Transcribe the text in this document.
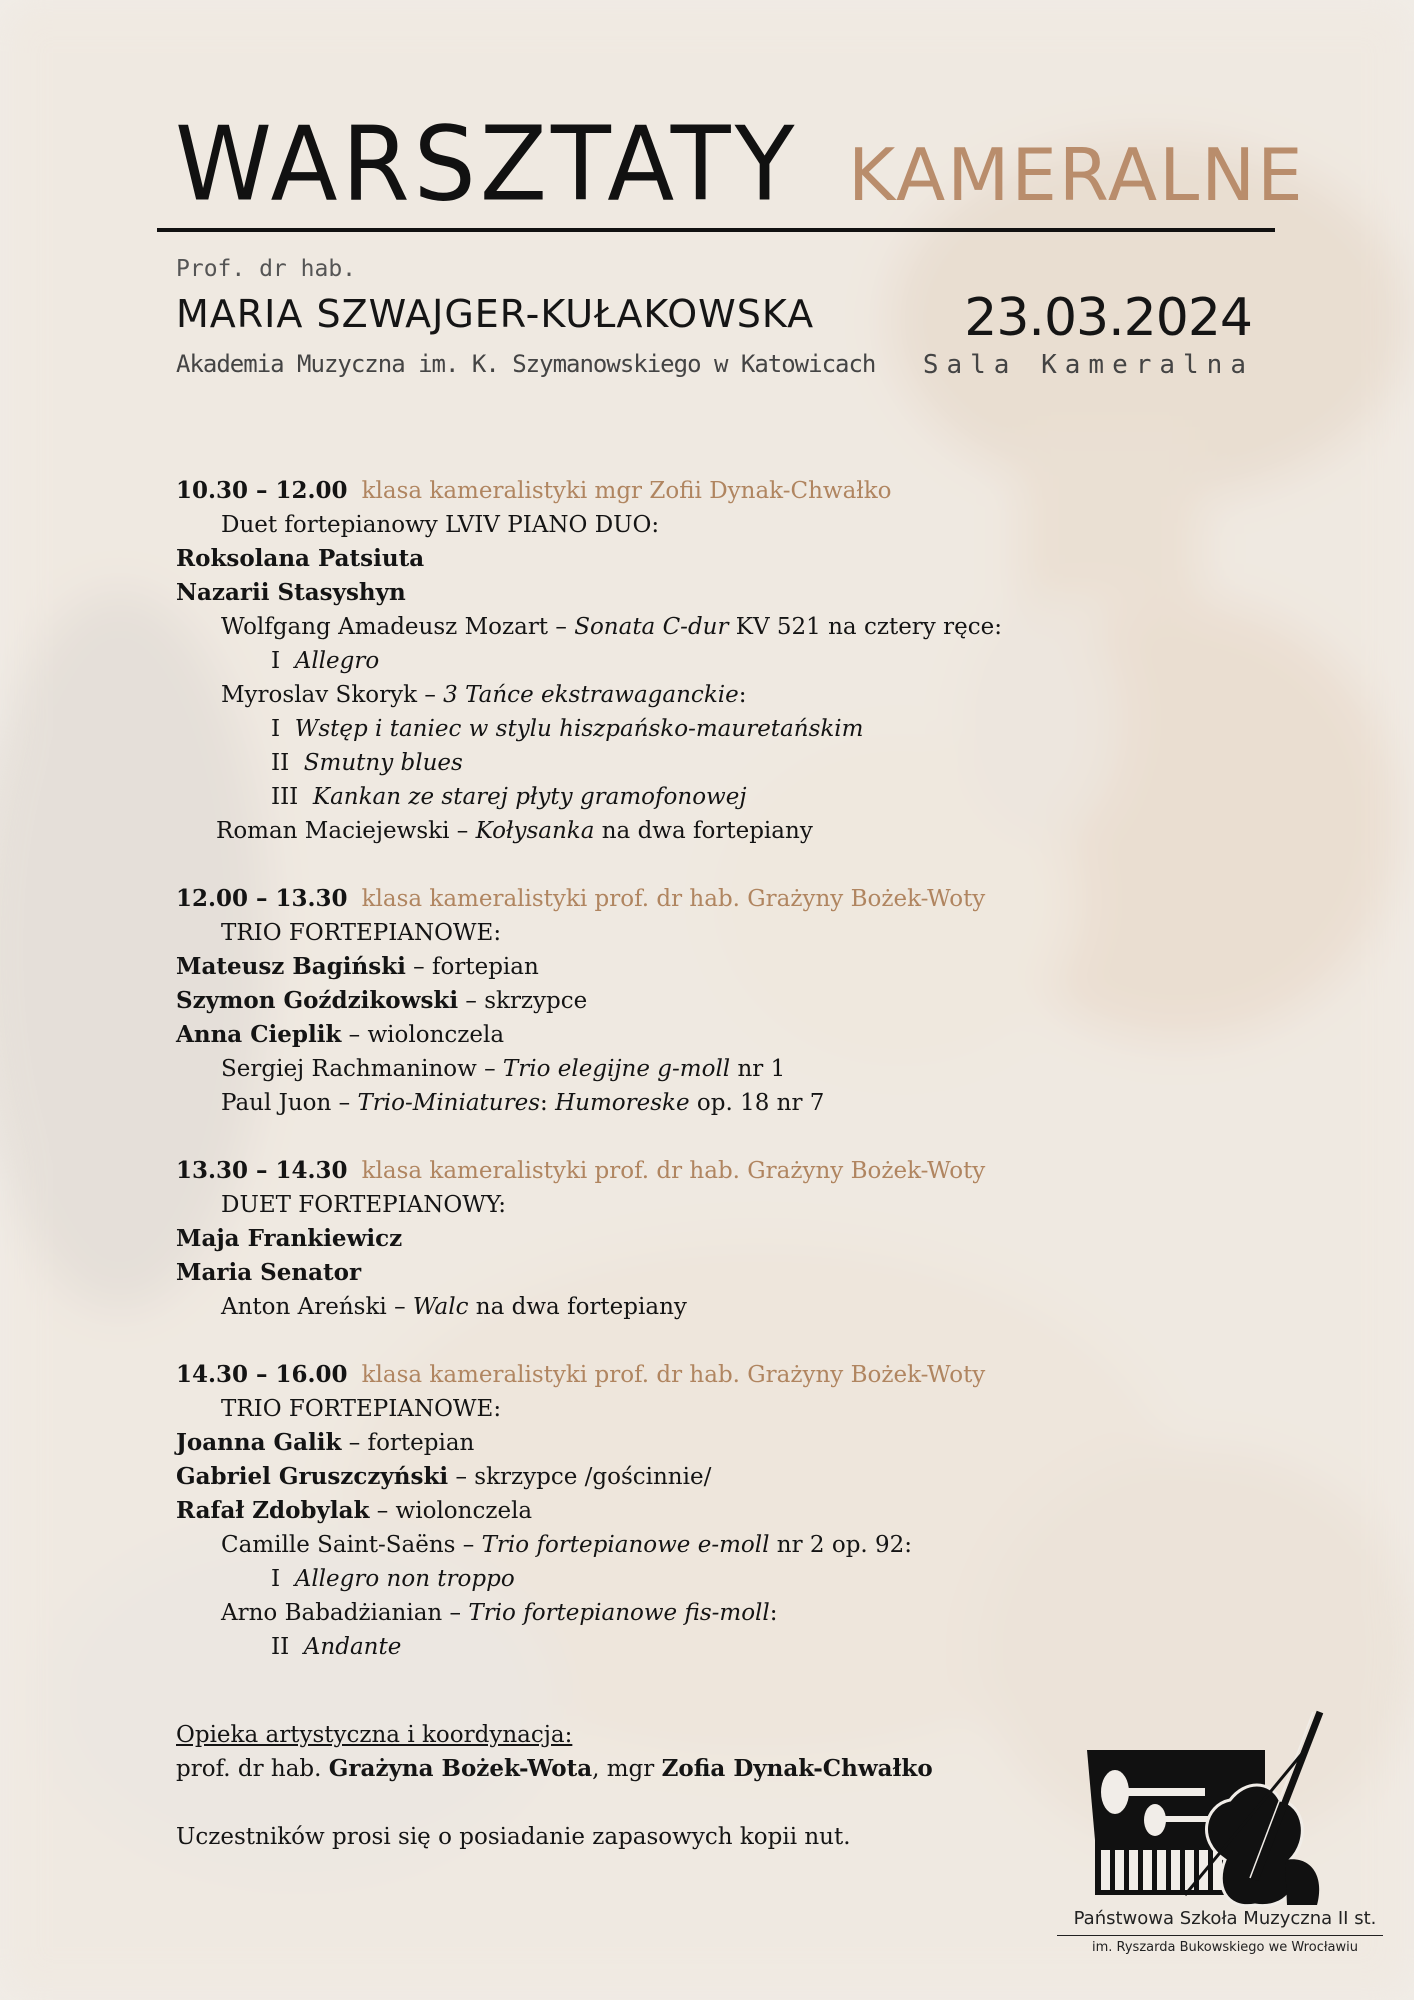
WARSZTATY KAMERALNE
Prof. dr hab.
MARIA SZWAJGER-KUŁAKOWSKA
Akademia Muzyczna im. K. Szymanowskiego w Katowicach
23.03.2024
Sala Kameralna
10.30 – 12.00 klasa kameralistyki mgr Zofii Dynak-Chwałko
Duet fortepianowy LVIV PIANO DUO:
Roksolana Patsiuta
Nazarii Stasyshyn
Wolfgang Amadeusz Mozart – Sonata C-dur KV 521 na cztery ręce:
I Allegro
Myroslav Skoryk – 3 Tańce ekstrawaganckie:
I Wstęp i taniec w stylu hiszpańsko-mauretańskim
II Smutny blues
III Kankan ze starej płyty gramofonowej
Roman Maciejewski – Kołysanka na dwa fortepiany
12.00 – 13.30 klasa kameralistyki prof. dr hab. Grażyny Bożek-Woty
TRIO FORTEPIANOWE:
Mateusz Bagiński – fortepian
Szymon Goździkowski – skrzypce
Anna Cieplik – wiolonczela
Sergiej Rachmaninow – Trio elegijne g-moll nr 1
Paul Juon – Trio-Miniatures: Humoreske op. 18 nr 7
13.30 – 14.30 klasa kameralistyki prof. dr hab. Grażyny Bożek-Woty
DUET FORTEPIANOWY:
Maja Frankiewicz
Maria Senator
Anton Areński – Walc na dwa fortepiany
14.30 – 16.00 klasa kameralistyki prof. dr hab. Grażyny Bożek-Woty
TRIO FORTEPIANOWE:
Joanna Galik – fortepian
Gabriel Gruszczyński – skrzypce /gościnnie/
Rafał Zdobylak – wiolonczela
Camille Saint-Saëns – Trio fortepianowe e-moll nr 2 op. 92:
I Allegro non troppo
Arno Babadżianian – Trio fortepianowe fis-moll:
II Andante
Opieka artystyczna i koordynacja:
prof. dr hab. Grażyna Bożek-Wota, mgr Zofia Dynak-Chwałko
Uczestników prosi się o posiadanie zapasowych kopii nut.
Państwowa Szkoła Muzyczna II st.
im. Ryszarda Bukowskiego we Wrocławiu
